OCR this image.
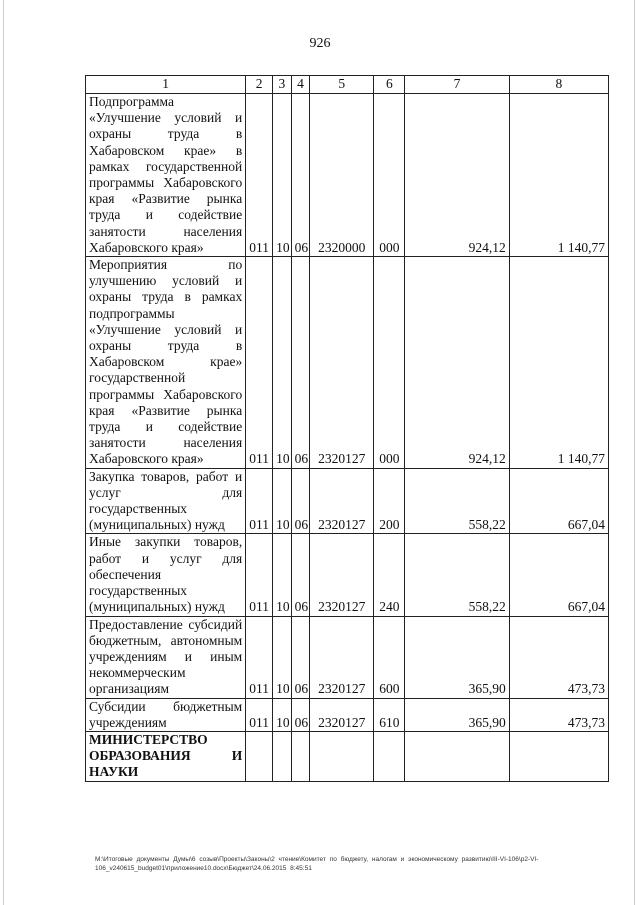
926
1	2	3	4	5	6	7	8
Подпрограмма «Улучшение условий и охраны труда в Хабаровском крае» в рамках государственной программы Хабаровского края «Развитие рынка труда и содействие занятости населения Хабаровского края»	011	10	06	2320000	000	924,12	1 140,77
Мероприятия по улучшению условий и охраны труда в рамках подпрограммы «Улучшение условий и охраны труда в Хабаровском крае» государственной программы Хабаровского края «Развитие рынка труда и содействие занятости населения Хабаровского края»	011	10	06	2320127	000	924,12	1 140,77
Закупка товаров, работ и услуг для государственных (муниципальных) нужд	011	10	06	2320127	200	558,22	667,04
Иные закупки товаров, работ и услуг для обеспечения государственных (муниципальных) нужд	011	10	06	2320127	240	558,22	667,04
Предоставление субсидий бюджетным, автономным учреждениям и иным некоммерческим организациям	011	10	06	2320127	600	365,90	473,73
Субсидии бюджетным учреждениям	011	10	06	2320127	610	365,90	473,73
МИНИСТЕРСТВО ОБРАЗОВАНИЯ И НАУКИ							
М:\Итоговые документы Думы\6 созыв\Проекты\Законы\2 чтение\Комитет по бюджету, налогам и экономическому развитию\III-VI-106\p2-VI-
106_v240615_budget01\приложение10.docx\Бюджет\24.06.2015 8:45:51
